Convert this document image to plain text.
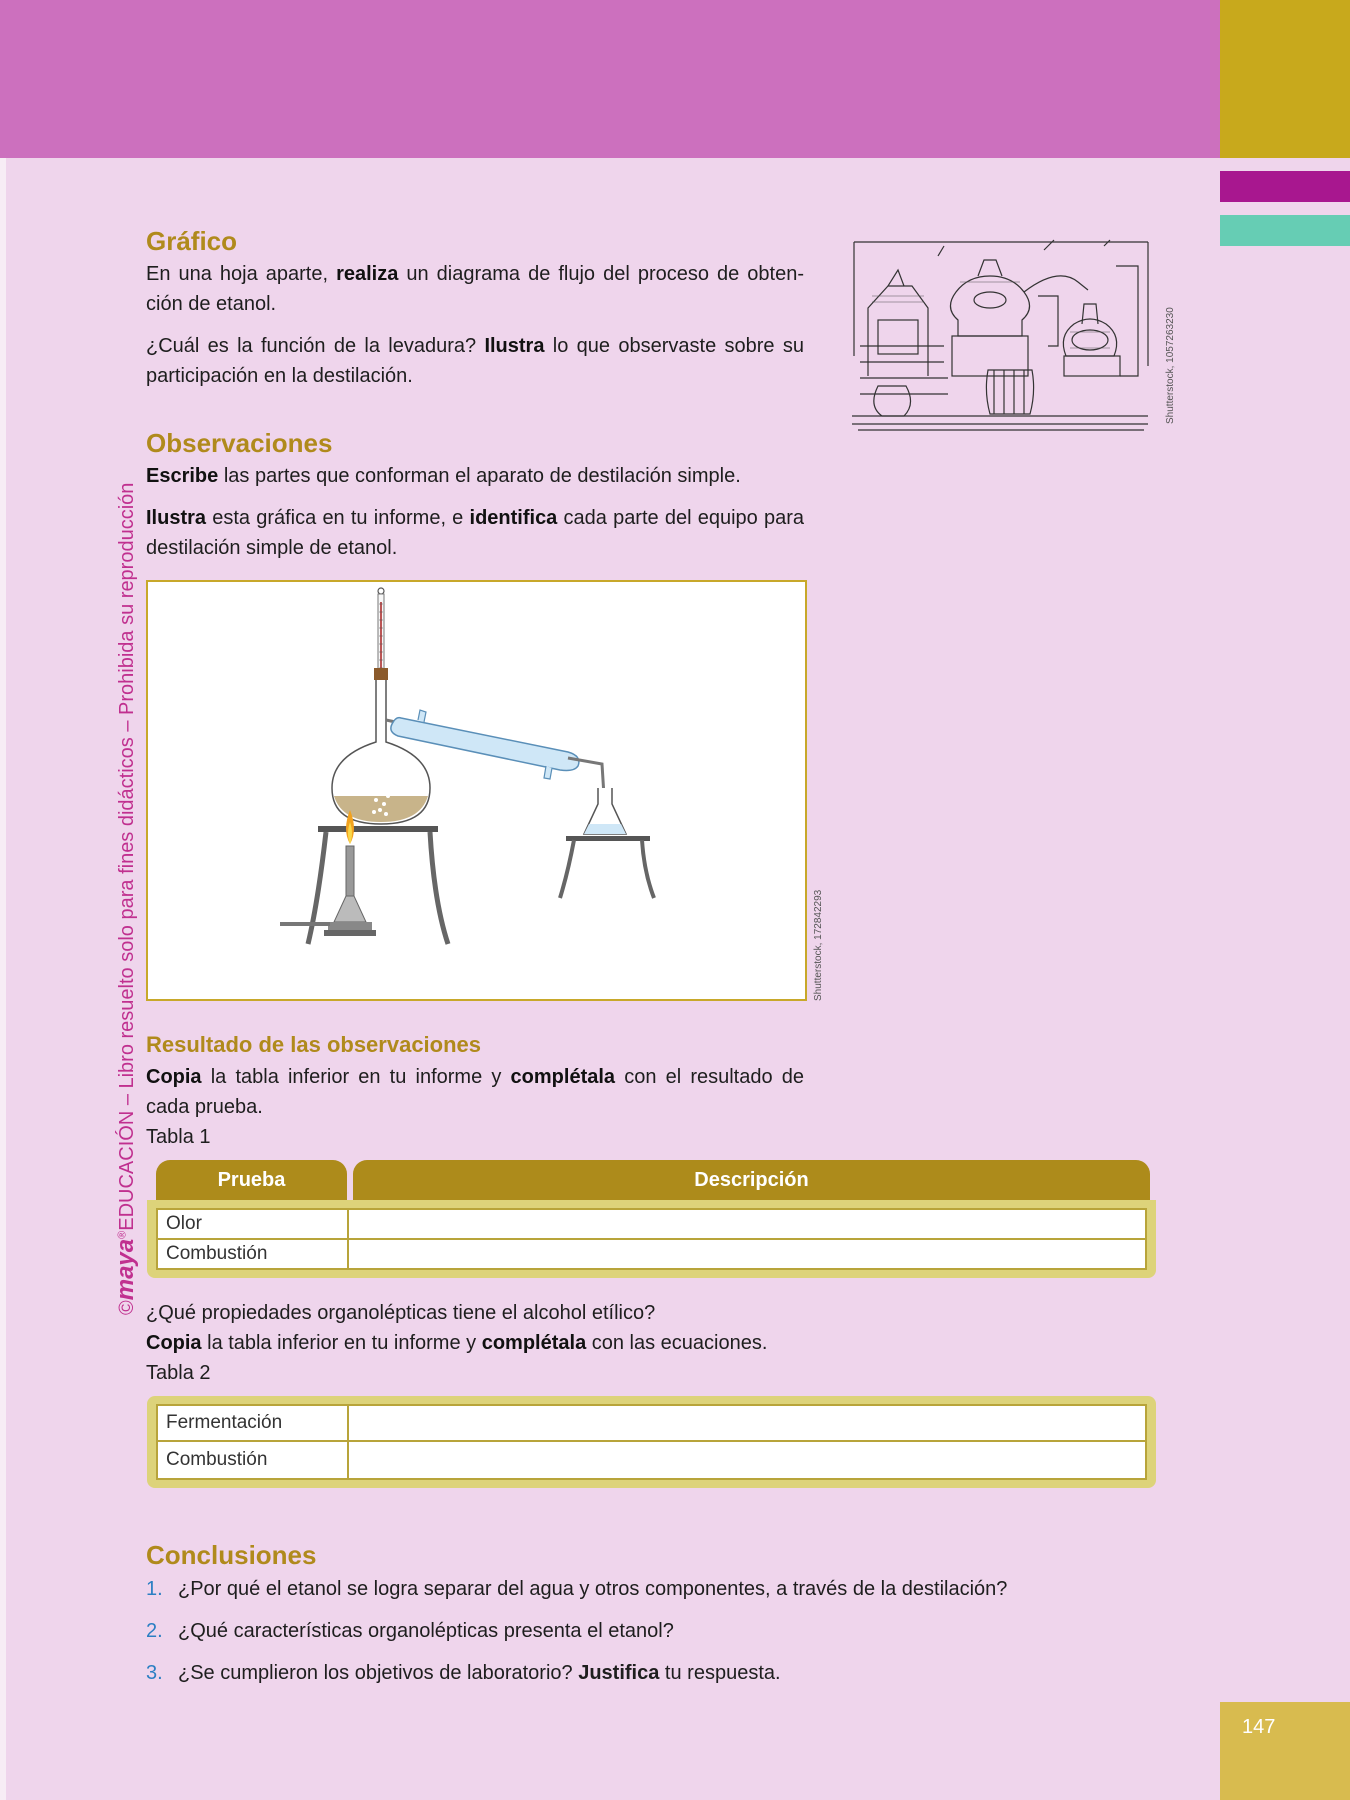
©maya®EDUCACIÓN – Libro resuelto solo para fines didácticos – Prohibida su reproducción
Gráfico
En una hoja aparte, realiza un diagrama de flujo del proceso de obten-ción de etanol.
¿Cuál es la función de la levadura? Ilustra lo que observaste sobre su participación en la destilación.	Shutterstock, 1057263230
Observaciones
Escribe las partes que conforman el aparato de destilación simple.
Ilustra esta gráfica en tu informe, e identifica cada parte del equipo para destilación simple de etanol.
Shutterstock, 172842293
Resultado de las observaciones
Copia la tabla inferior en tu informe y complétala con el resultado de cada prueba.
Tabla 1
Prueba	Descripción
Olor
Combustión
¿Qué propiedades organolépticas tiene el alcohol etílico?
Copia la tabla inferior en tu informe y complétala con las ecuaciones.
Tabla 2
Fermentación
Combustión
Conclusiones
1. ¿Por qué el etanol se logra separar del agua y otros componentes, a través de la destilación?
2. ¿Qué características organolépticas presenta el etanol?
3. ¿Se cumplieron los objetivos de laboratorio? Justifica tu respuesta.
147
